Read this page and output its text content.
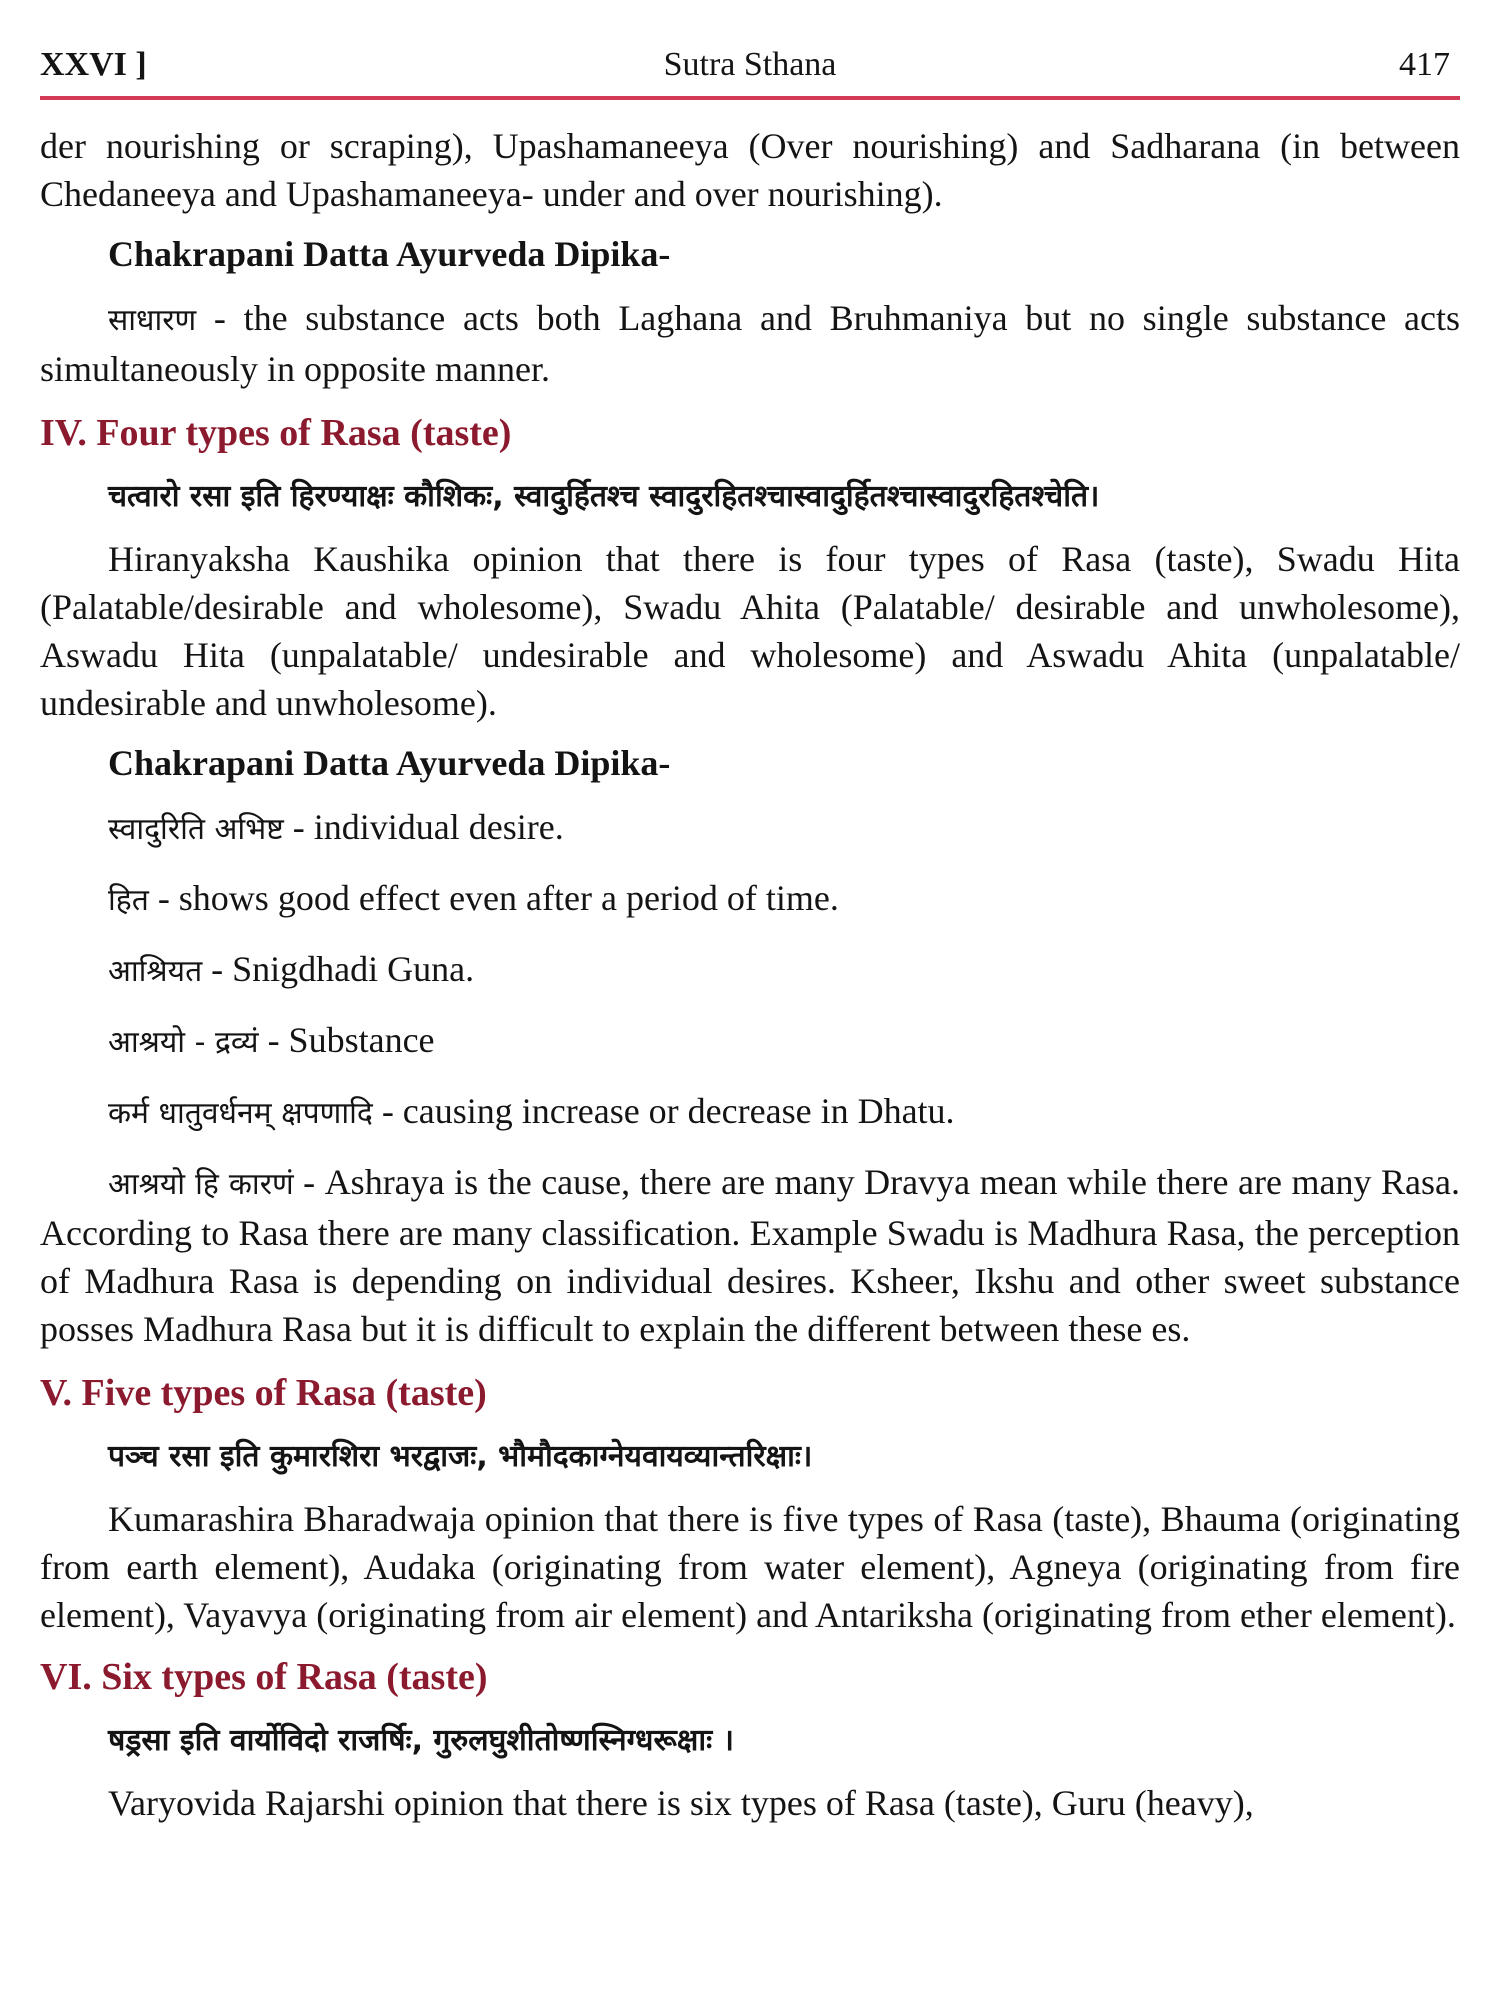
XXVI ]	Sutra Sthana	417

der nourishing or scraping), Upashamaneeya (Over nourishing) and Sadharana (in between Chedaneeya and Upashamaneeya- under and over nourishing).

Chakrapani Datta Ayurveda Dipika-

साधारण - the substance acts both Laghana and Bruhmaniya but no single substance acts simultaneously in opposite manner.

IV. Four types of Rasa (taste)

चत्वारो रसा इति हिरण्याक्षः कौशिकः, स्वादुर्हितश्च स्वादुरहितश्चास्वादुर्हितश्चास्वादुरहितश्चेति।

Hiranyaksha Kaushika opinion that there is four types of Rasa (taste), Swadu Hita (Palatable/desirable and wholesome), Swadu Ahita (Palatable/ desirable and unwholesome), Aswadu Hita (unpalatable/ undesirable and wholesome) and Aswadu Ahita (unpalatable/ undesirable and unwholesome).

Chakrapani Datta Ayurveda Dipika-

स्वादुरिति अभिष्ट - individual desire.

हित - shows good effect even after a period of time.

आश्रियत - Snigdhadi Guna.

आश्रयो - द्रव्यं - Substance

कर्म धातुवर्धनम् क्षपणादि - causing increase or decrease in Dhatu.

आश्रयो हि कारणं - Ashraya is the cause, there are many Dravya mean while there are many Rasa. According to Rasa there are many classification. Example Swadu is Madhura Rasa, the perception of Madhura Rasa is depending on individual desires. Ksheer, Ikshu and other sweet substance posses Madhura Rasa but it is difficult to explain the different between these es.

V. Five types of Rasa (taste)

पञ्च रसा इति कुमारशिरा भरद्वाजः, भौमौदकाग्नेयवायव्यान्तरिक्षाः।

Kumarashira Bharadwaja opinion that there is five types of Rasa (taste), Bhauma (originating from earth element), Audaka (originating from water element), Agneya (originating from fire element), Vayavya (originating from air element) and Antariksha (originating from ether element).

VI. Six types of Rasa (taste)

षड्रसा इति वार्योविदो राजर्षिः, गुरुलघुशीतोष्णस्निग्धरूक्षाः ।

Varyovida Rajarshi opinion that there is six types of Rasa (taste), Guru (heavy),
